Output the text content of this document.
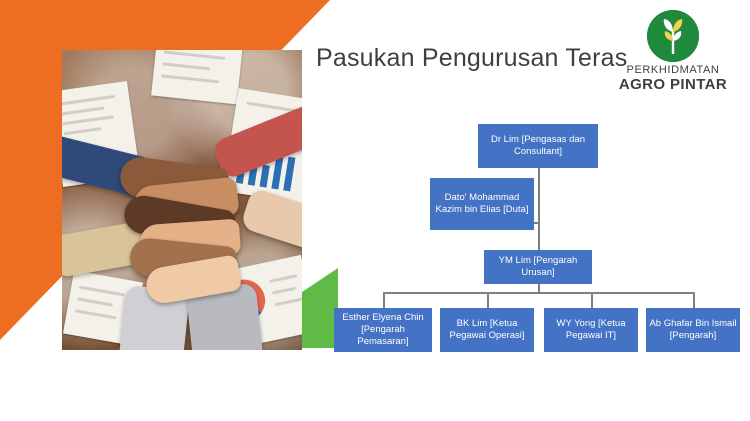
Pasukan Pengurusan Teras PERKHIDMATAN
AGRO PINTAR
Dr Lim [Pengasas dan Consultant]
Dato' Mohammad Kazim bin Elias [Duta]
YM Lim [Pengarah Urusan]
Esther Elyena Chin [Pengarah Pemasaran]
BK Lim [Ketua Pegawai Operasi]
WY Yong [Ketua Pegawai IT]
Ab Ghafar Bin Ismail [Pengarah]
